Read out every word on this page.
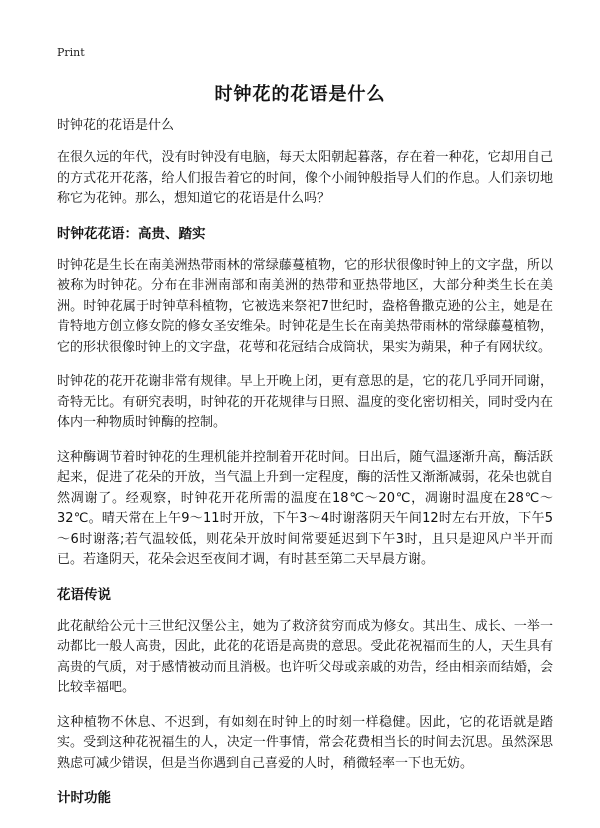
Print
时钟花的花语是什么
时钟花的花语是什么

在很久远的年代，没有时钟没有电脑，每天太阳朝起暮落，存在着一种花，它却用自己的方式花开花落，给人们报告着它的时间，像个小闹钟般指导人们的作息。人们亲切地称它为花钟。那么，想知道它的花语是什么吗？

时钟花花语：高贵、踏实

时钟花是生长在南美洲热带雨林的常绿藤蔓植物，它的形状很像时钟上的文字盘，所以被称为时钟花。分布在非洲南部和南美洲的热带和亚热带地区，大部分种类生长在美洲。时钟花属于时钟草科植物，它被选来祭祀7世纪时，盎格鲁撒克逊的公主，她是在肯特地方创立修女院的修女圣安维朵。时钟花是生长在南美热带雨林的常绿藤蔓植物，它的形状很像时钟上的文字盘，花萼和花冠结合成筒状，果实为蒴果，种子有网状纹。

时钟花的花开花谢非常有规律。早上开晚上闭，更有意思的是，它的花几乎同开同谢，奇特无比。有研究表明，时钟花的开花规律与日照、温度的变化密切相关，同时受内在体内一种物质时钟酶的控制。

这种酶调节着时钟花的生理机能并控制着开花时间。日出后，随气温逐渐升高，酶活跃起来，促进了花朵的开放，当气温上升到一定程度，酶的活性又渐渐减弱，花朵也就自然凋谢了。经观察，时钟花开花所需的温度在18℃～20℃，凋谢时温度在28℃～32℃。晴天常在上午9～11时开放，下午3～4时谢落阴天午间12时左右开放，下午5～6时谢落;若气温较低，则花朵开放时间常要延迟到下午3时，且只是迎风户半开而已。若逢阴天，花朵会迟至夜间才调，有时甚至第二天早晨方谢。

花语传说

此花献给公元十三世纪汉堡公主，她为了救济贫穷而成为修女。其出生、成长、一举一动都比一般人高贵，因此，此花的花语是高贵的意思。受此花祝福而生的人，天生具有高贵的气质，对于感情被动而且消极。也许听父母或亲戚的劝告，经由相亲而结婚，会比较幸福吧。

这种植物不休息、不迟到，有如刻在时钟上的时刻一样稳健。因此，它的花语就是踏实。受到这种花祝福生的人，决定一件事情，常会花费相当长的时间去沉思。虽然深思熟虑可减少错误，但是当你遇到自己喜爱的人时，稍微轻率一下也无妨。

计时功能
